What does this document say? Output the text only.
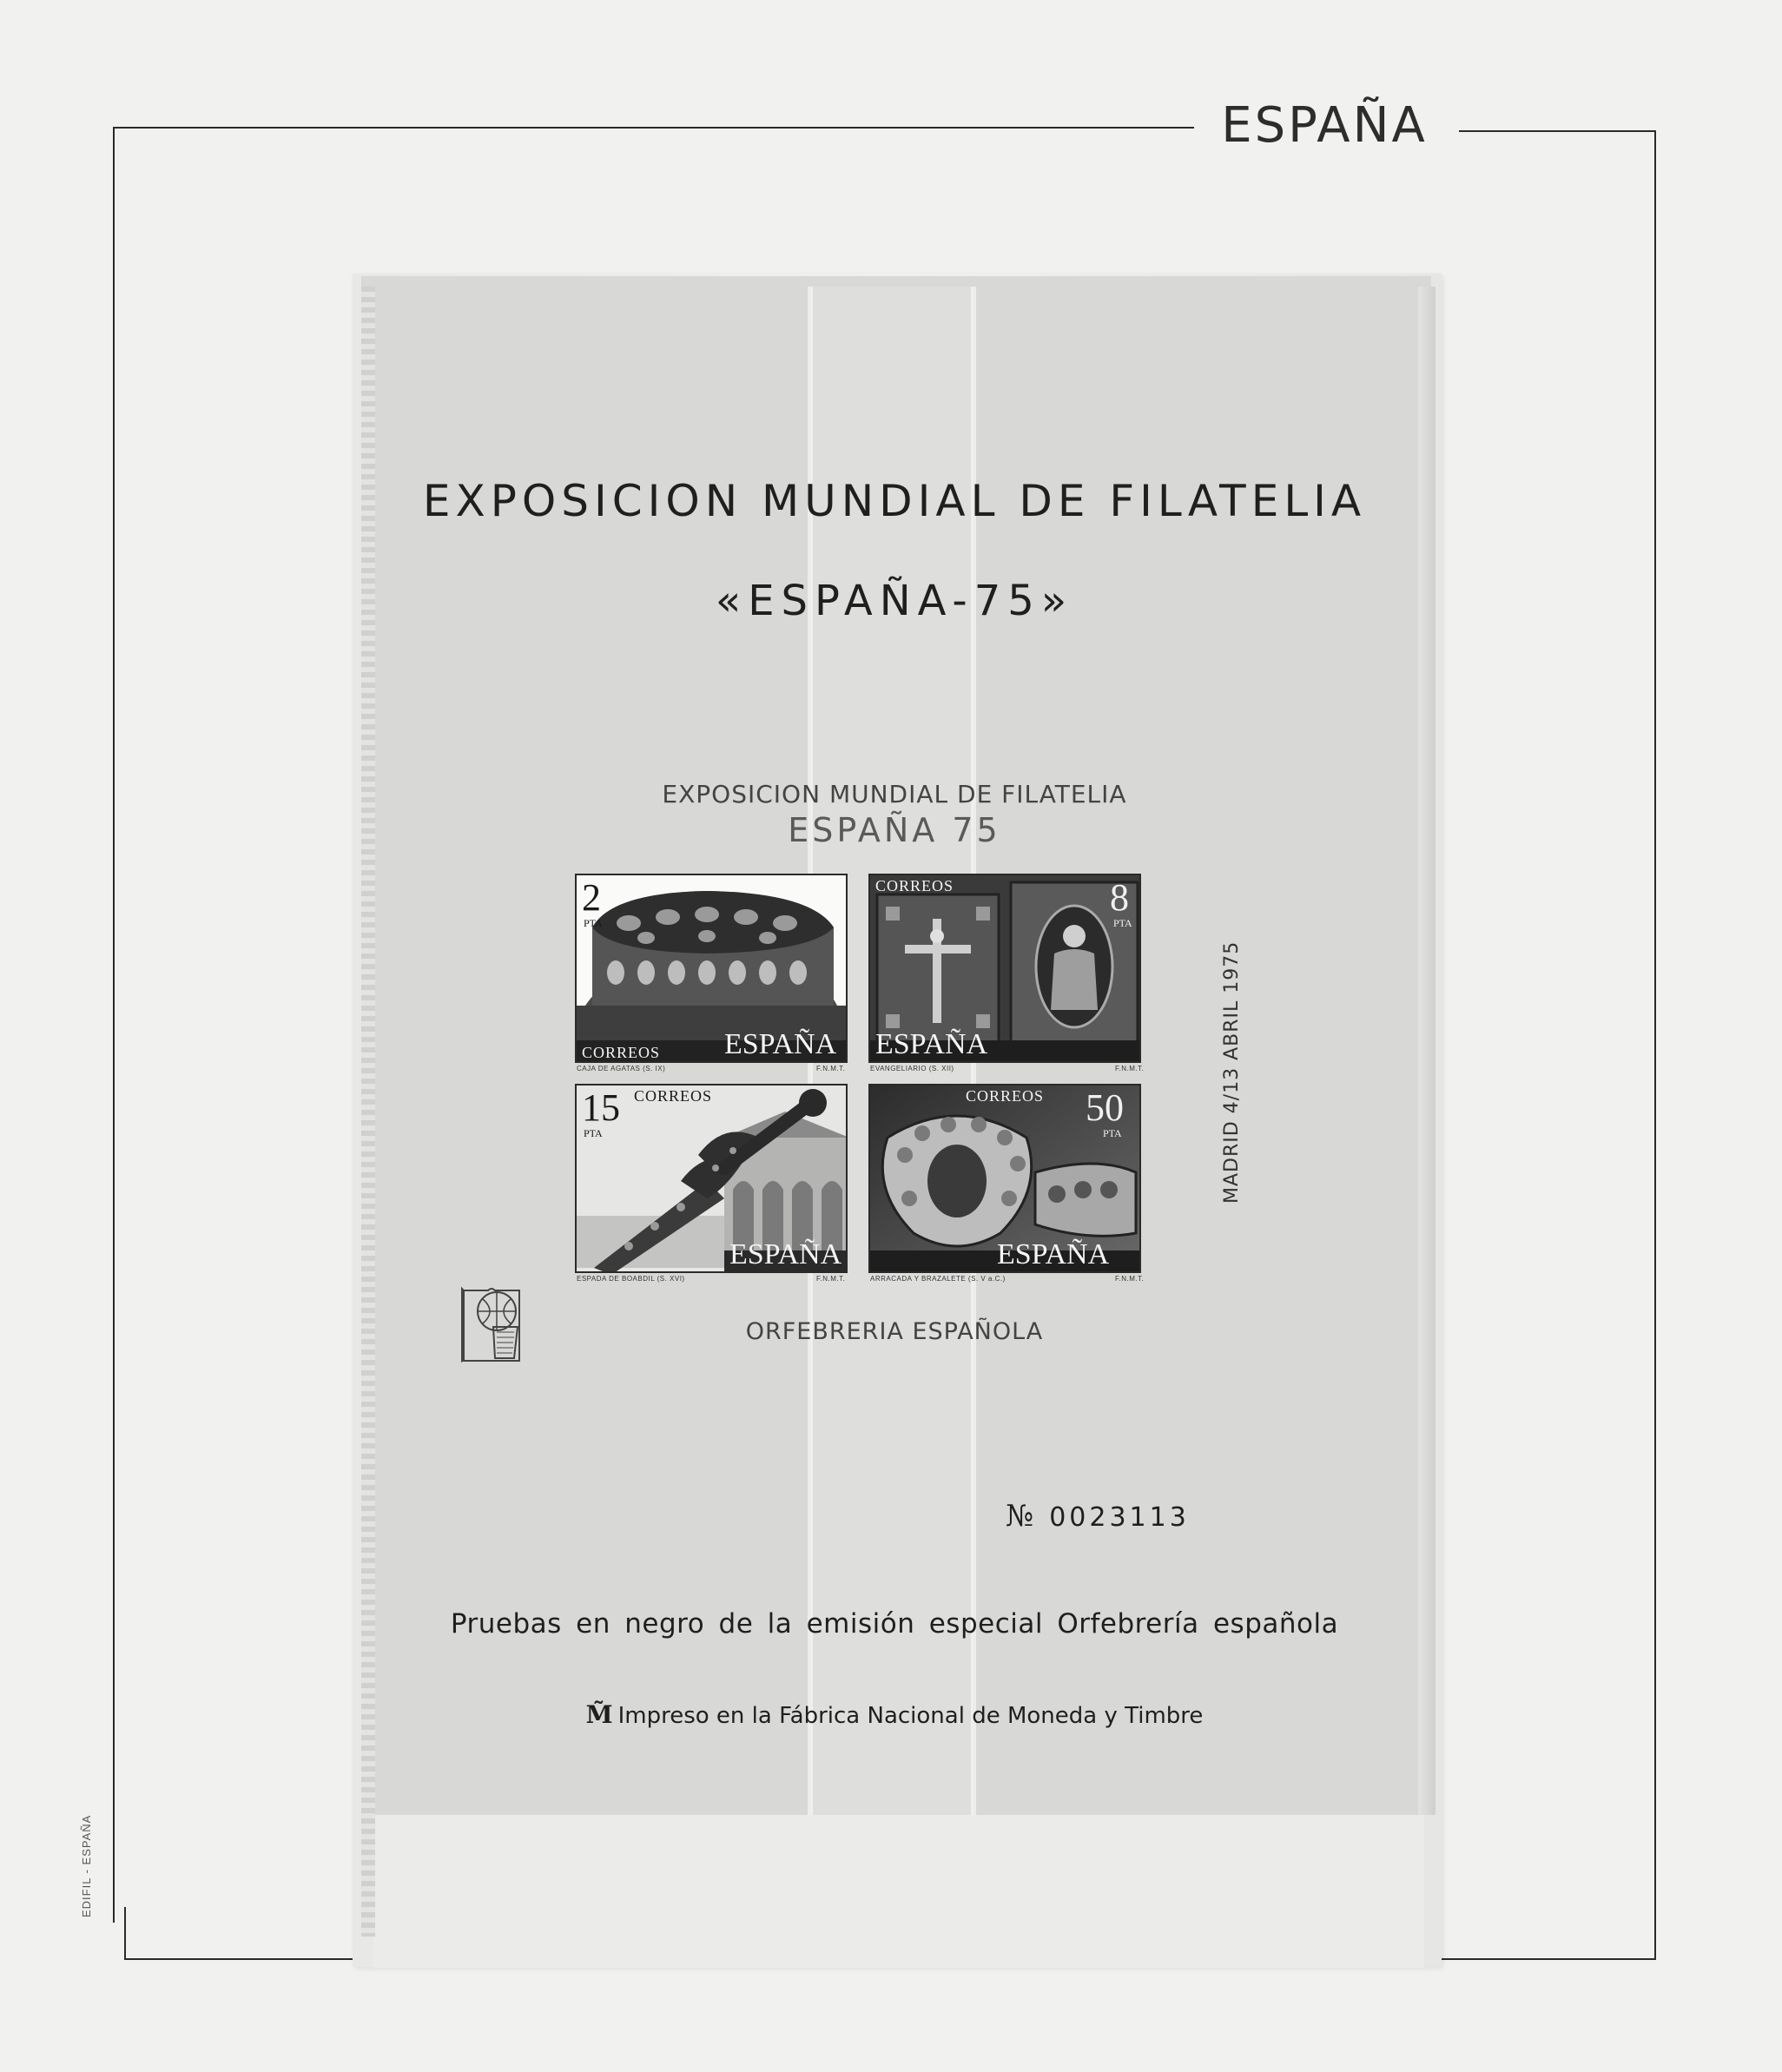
ESPAÑA
EDIFIL - ESPAÑA
EXPOSICION MUNDIAL DE FILATELIA
«ESPAÑA-75»
EXPOSICION MUNDIAL DE FILATELIA
ESPAÑA 75
2
PTA
CORREOS ESPAÑA
CAJA DE AGATAS (S. IX)	F.N.M.T.
CORREOS	8
PTA
ESPAÑA
EVANGELIARIO (S. XII)	F.N.M.T.
15
PTA
CORREOS
ESPAÑA
ESPADA DE BOABDIL (S. XVI)	F.N.M.T.
CORREOS 50
PTA
ESPAÑA
ARRACADA Y BRAZALETE (S. V a.C.)	F.N.M.T.
MADRID 4/13 ABRIL 1975
ORFEBRERIA ESPAÑOLA
№ 0023113
Pruebas en negro de la emisión especial Orfebrería española
M̃ Impreso en la Fábrica Nacional de Moneda y Timbre
